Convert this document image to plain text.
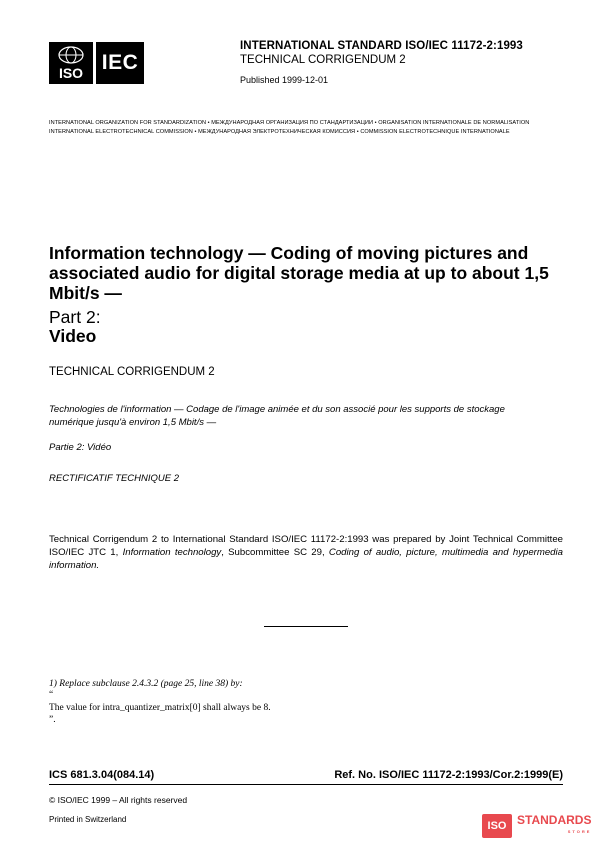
ISO IEC
INTERNATIONAL STANDARD ISO/IEC 11172-2:1993
TECHNICAL CORRIGENDUM 2
Published 1999-12-01
INTERNATIONAL ORGANIZATION FOR STANDARDIZATION • МЕЖДУНАРОДНАЯ ОРГАНИЗАЦИЯ ПО СТАНДАРТИЗАЦИИ • ORGANISATION INTERNATIONALE DE NORMALISATION
INTERNATIONAL ELECTROTECHNICAL COMMISSION • МЕЖДУНАРОДНАЯ ЭЛЕКТРОТЕХНИЧЕСКАЯ КОМИССИЯ • COMMISSION ELECTROTECHNIQUE INTERNATIONALE
Information technology — Coding of moving pictures and associated audio for digital storage media at up to about 1,5 Mbit/s —
Part 2:
Video
TECHNICAL CORRIGENDUM 2
Technologies de l'information — Codage de l'image animée et du son associé pour les supports de stockage numérique jusqu'à environ 1,5 Mbit/s —
Partie 2: Vidéo
RECTIFICATIF TECHNIQUE 2
Technical Corrigendum 2 to International Standard ISO/IEC 11172-2:1993 was prepared by Joint Technical Committee ISO/IEC JTC 1, Information technology, Subcommittee SC 29, Coding of audio, picture, multimedia and hypermedia information.
1) Replace subclause 2.4.3.2 (page 25, line 38) by:
“
The value for intra_quantizer_matrix[0] shall always be 8.
”.
ICS 681.3.04(084.14)	Ref. No. ISO/IEC 11172-2:1993/Cor.2:1999(E)
© ISO/IEC 1999 – All rights reserved
Printed in Switzerland
ISO STANDARDS
STORE
